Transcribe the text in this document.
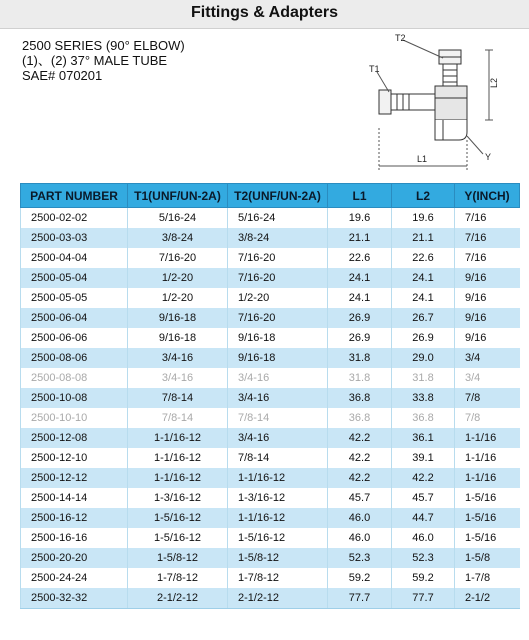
Fittings & Adapters
2500 SERIES (90° ELBOW)
(1)、(2) 37° MALE TUBE
SAE# 070201
T2
T1
L2
L1	Y
PART NUMBER	T1(UNF/UN-2A)	T2(UNF/UN-2A)	L1	L2	Y(INCH)
2500-02-02	5/16-24	5/16-24	19.6	19.6	7/16
2500-03-03	3/8-24	3/8-24	21.1	21.1	7/16
2500-04-04	7/16-20	7/16-20	22.6	22.6	7/16
2500-05-04	1/2-20	7/16-20	24.1	24.1	9/16
2500-05-05	1/2-20	1/2-20	24.1	24.1	9/16
2500-06-04	9/16-18	7/16-20	26.9	26.7	9/16
2500-06-06	9/16-18	9/16-18	26.9	26.9	9/16
2500-08-06	3/4-16	9/16-18	31.8	29.0	3/4
2500-08-08	3/4-16	3/4-16	31.8	31.8	3/4
2500-10-08	7/8-14	3/4-16	36.8	33.8	7/8
2500-10-10	7/8-14	7/8-14	36.8	36.8	7/8
2500-12-08	1-1/16-12	3/4-16	42.2	36.1	1-1/16
2500-12-10	1-1/16-12	7/8-14	42.2	39.1	1-1/16
2500-12-12	1-1/16-12	1-1/16-12	42.2	42.2	1-1/16
2500-14-14	1-3/16-12	1-3/16-12	45.7	45.7	1-5/16
2500-16-12	1-5/16-12	1-1/16-12	46.0	44.7	1-5/16
2500-16-16	1-5/16-12	1-5/16-12	46.0	46.0	1-5/16
2500-20-20	1-5/8-12	1-5/8-12	52.3	52.3	1-5/8
2500-24-24	1-7/8-12	1-7/8-12	59.2	59.2	1-7/8
2500-32-32	2-1/2-12	2-1/2-12	77.7	77.7	2-1/2
